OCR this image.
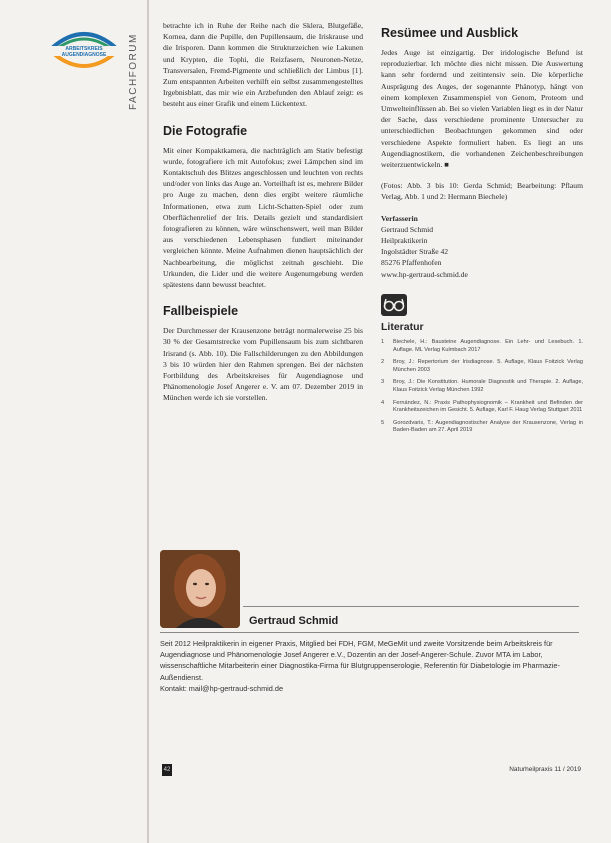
ARBEITSKREIS
AUGENDIAGNOSE FACHFORUM

betrachte ich in Ruhe der Reihe nach die Sklera, Blutgefäße, Kornea, dann die Pupille, den Pupillensaum, die Iriskrause und die Irisporen. Dann kommen die Strukturzeichen wie Lakunen und Krypten, die Tophi, die Reizfasern, Neuronen-Netze, Transversalen, Fremd-Pigmente und schließlich der Limbus [1]. Zum entspannten Arbeiten verhilft ein selbst zusammengestelltes Irgebnisblatt, das mir wie ein Arzbefunden den Ablauf zeigt: es besteht aus einer Grafik und einem Lückentext.

Die Fotografie

Mit einer Kompaktkamera, die nachträglich am Stativ befestigt wurde, fotografiere ich mit Autofokus; zwei Lämpchen sind im Kontaktschuh des Blitzes angeschlossen und leuchten von rechts und/oder von links das Auge an. Vorteilhaft ist es, mehrere Bilder pro Auge zu machen, denn dies ergibt weitere räumliche Informationen, etwa zum Licht-Schatten-Spiel oder zum Oberflächenrelief der Iris. Details gezielt und standardisiert fotografieren zu können, wäre wünschenswert, weil man Bilder aus verschiedenen Lebensphasen fundiert miteinander vergleichen könnte. Meine Aufnahmen dienen hauptsächlich der Nachbearbeitung, die möglichst zeitnah geschieht. Die Urkunden, die Lider und die weitere Augenumgebung werden spätestens dann bewusst beachtet.

Fallbeispiele

Der Durchmesser der Krausenzone beträgt normalerweise 25 bis 30 % der Gesamtstrecke vom Pupillensaum bis zum sichtbaren Irisrand (s. Abb. 10). Die Fallschilderungen zu den Abbildungen 3 bis 10 würden hier den Rahmen sprengen. Bei der nächsten Fortbildung des Arbeitskreises für Augendiagnose und Phänomenologie Josef Angerer e. V. am 07. Dezember 2019 in München werde ich sie vorstellen.

Resümee und Ausblick

Jedes Auge ist einzigartig. Der iridologische Befund ist reproduzierbar. Ich möchte dies nicht missen. Die Auswertung kann sehr fordernd und zeitintensiv sein. Die körperliche Ausprägung des Auges, der sogenannte Phänotyp, hängt von einem komplexen Zusammenspiel von Genom, Proteom und Umwelteinflüssen ab. Bei so vielen Variablen liegt es in der Natur der Sache, dass verschiedene prominente Untersucher zu unterschiedlichen Beobachtungen gekommen sind oder verschiedene Aspekte formuliert haben. Es liegt an uns Augendiagnostikern, die vorhandenen Zeichenbeschreibungen weiterzuentwickeln. ■

(Fotos: Abb. 3 bis 10: Gerda Schmid; Bearbeitung: Pflaum Verlag, Abb. 1 und 2: Hermann Biechele)

Verfasserin
Gertraud Schmid
Heilpraktikerin
Ingolstädter Straße 42
85276 Pfaffenhofen
www.hp-gertraud-schmid.de
Literatur
1	Biechele, H.: Bausteine Augendiagnose. Ein Lehr- und Lesebuch. 1. Auflage. ML Verlag Kulmbach 2017
2	Broy, J.: Repertorium der Irisdiagnose. 5. Auflage, Klaus Foitzick Verlag München 2003
3	Broy, J.: Die Konstitution. Humorale Diagnostik und Therapie. 2. Auflage, Klaus Foitzick Verlag München 1992
4	Fernández, N.: Praxis Pathophysiognomik – Krankheit und Befinden der Krankheitszeichen im Gesicht. 5. Auflage, Karl F. Haug Verlag Stuttgart 2011
5	Gorozdvaris, T.: Augendiagnostischer Analyse der Krausenzone, Verlag in Baden-Baden am 27. April 2019
Gertraud Schmid
Seit 2012 Heilpraktikerin in eigener Praxis, Mitglied bei FDH, FGM, MeGeMit und zweite Vorsitzende beim Arbeitskreis für Augendiagnose und Phänomenologie Josef Angerer e.V., Dozentin an der Josef-Angerer-Schule. Zuvor MTA im Labor, wissenschaftliche Mitarbeiterin einer Diagnostika-Firma für Blutgruppenserologie, Referentin für Diabetologie im Pharmazie-Außendienst.
Kontakt: mail@hp-gertraud-schmid.de
42	Naturheilpraxis 11 / 2019
